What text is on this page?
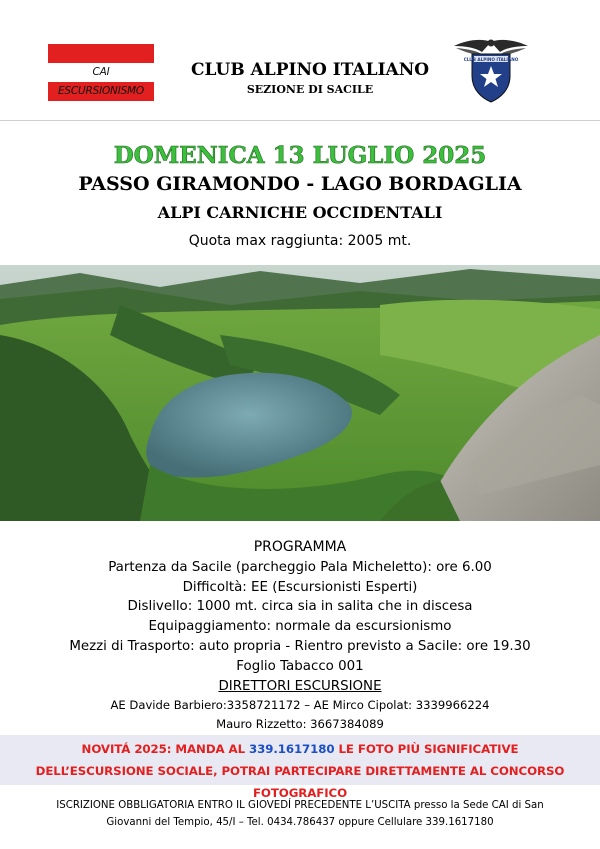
CAI ESCURSIONISMO
CLUB ALPINO ITALIANO
SEZIONE DI SACILE
CLUB ALPINO ITALIANO
DOMENICA 13 LUGLIO 2025
PASSO GIRAMONDO - LAGO BORDAGLIA
ALPI CARNICHE OCCIDENTALI
Quota max raggiunta: 2005 mt.
PROGRAMMA
Partenza da Sacile (parcheggio Pala Micheletto): ore 6.00
Difficoltà: EE (Escursionisti Esperti)
Dislivello: 1000 mt. circa sia in salita che in discesa
Equipaggiamento: normale da escursionismo
Mezzi di Trasporto: auto propria - Rientro previsto a Sacile: ore 19.30
Foglio Tabacco 001
DIRETTORI ESCURSIONE
AE Davide Barbiero:3358721172 – AE Mirco Cipolat: 3339966224
Mauro Rizzetto: 3667384089
NOVITÁ 2025: MANDA AL 339.1617180 LE FOTO PIÙ SIGNIFICATIVE
DELL’ESCURSIONE SOCIALE, POTRAI PARTECIPARE DIRETTAMENTE AL CONCORSO FOTOGRAFICO
ISCRIZIONE OBBLIGATORIA ENTRO IL GIOVEDÍ PRECEDENTE L’USCITA presso la Sede CAI di San
Giovanni del Tempio, 45/I – Tel. 0434.786437 oppure Cellulare 339.1617180
